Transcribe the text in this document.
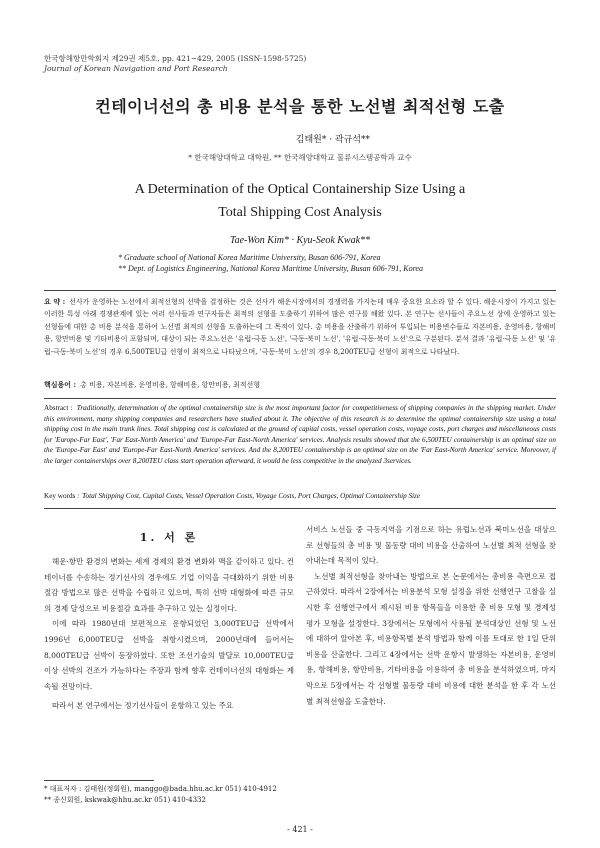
한국항해항만학회지 제29권 제5호, pp. 421~429, 2005 (ISSN-1598-5725)
Journal of Korean Navigation and Port Research
컨테이너선의 총 비용 분석을 통한 노선별 최적선형 도출
김태원* · 곽규석**
* 한국해양대학교 대학원, ** 한국해양대학교 물류시스템공학과 교수
A Determination of the Optical Containership Size Using a
Total Shipping Cost Analysis
Tae-Won Kim* · Kyu-Seok Kwak**
* Graduate school of National Korea Maritime University, Busan 606-791, Korea
** Dept. of Logistics Engineering, National Korea Maritime University, Busan 606-791, Korea
요 약 : 선사가 운영하는 노선에서 최적선형의 선박을 결정하는 것은 선사가 해운시장에서의 경쟁력을 가지는데 매우 중요한 요소라 할 수 있다. 해운시장이 가지고 있는 이러한 특성 아래 경쟁관계에 있는 여러 선사들과 연구자들은 최적의 선형을 도출하기 위하여 많은 연구를 해왔 있다. 본 연구는 선사들이 주요노선 상에 운영하고 있는 선형들에 대한 총 비용 분석을 통하여 노선별 최적의 선형을 도출하는데 그 목적이 있다. 총 비용을 산출하기 위하여 투입되는 비용변수들로 자본비용, 운영비용, 항해비용, 항만비용 및 기타비용이 포함되며, 대상이 되는 주요노선은 '유럽-극동 노선', '극동-북미 노선', '유럽-극동-북미 노선'으로 구분된다. 분석 결과 '유럽-극동 노선' 및 '유럽-극동-북미 노선'의 경우 6,500TEU급 선형이 최적으로 나타났으며, '극동-북미 노선'의 경우 8,200TEU급 선형이 최적으로 나타났다.
핵심용어 : 총 비용, 자본비용, 운영비용, 항해비용, 항만비용, 최적선형
Abstract : Traditionally, determination of the optimal containership size is the most important factor for competitiveness of shipping companies in the shipping market. Under this environment, many shipping companies and researchers have studied about it. The objective of this research is to determine the optimal containership size using a total shipping cost in the main trunk lines. Total shipping cost is calculated at the ground of capital costs, vessel operation costs, voyage costs, port charges and miscellaneous costs for 'Europe-Far East', 'Far East-North America' and 'Europe-Far East-North America' services. Analysis results showed that the 6,500TEU containership is an optimal size on the 'Europe-Far East' and 'Europe-Far East-North America' services. And the 8,200TEU containership is an optimal size on the 'Far East-North America' service. Moreover, if the larger containerships over 8,200TEU class start operation afterward, it would be less competitive in the analyzed 3services.
Key words : Total Shipping Cost, Capital Costs, Vessel Operation Costs, Voyage Costs, Port Charges, Optimal Containership Size
1. 서 론

해운·항만 환경의 변화는 세계 경제의 환경 변화와 맥을 같이하고 있다. 컨테이너를 수송하는 정기선사의 경우에도 기업 이익을 극대화하기 위한 비용 절감 방법으로 많은 선박을 수립하고 있으며, 특히 선박 대형화에 따른 규모의 경제 달성으로 비용절감 효과를 추구하고 있는 실정이다.

이에 따라 1980년대 보편적으로 운항되었던 3,000TEU급 선박에서 1996년 6,000TEU급 선박을 취항시켰으며, 2000년대에 들어서는 8,000TEU급 선박이 등장하였다. 또한 조선기술의 발달로 10,000TEU급 이상 선박의 건조가 가능하다는 주장과 함께 향후 컨테이너선의 대형화는 계속될 전망이다.

따라서 본 연구에서는 정기선사들이 운항하고 있는 주요

서비스 노선들 중 극동지역을 기점으로 하는 유럽노선과 북미노선을 대상으로 선형들의 총 비용 및 물동량 대비 비용을 산출하여 노선별 최적 선형을 찾아내는데 목적이 있다.

노선별 최적선형을 찾아내는 방법으로 본 논문에서는 총비용 측면으로 접근하였다. 따라서 2장에서는 비용분석 모형 설정을 위한 선행연구 고찰을 실시한 후 선행연구에서 제시된 비용 항목들을 이용한 총 비용 모형 및 경제성 평가 모형을 설정한다. 3장에서는 모형에서 사용될 분석대상인 선형 및 노선에 대하여 알아본 후, 비용항목별 분석 방법과 함께 이를 토대로 한 1일 단위 비용을 산출한다. 그리고 4장에서는 선박 운항시 발생하는 자본비용, 운영비용, 항해비용, 항만비용, 기타비용을 이용하여 총 비용을 분석하였으며, 마지막으로 5장에서는 각 선형별 물동량 대비 비용에 대한 분석을 한 후 각 노선별 최적선형을 도출한다.

* 대표저자 : 김태원(정회원), manggo@bada.hhu.ac.kr 051) 410-4912
** 종신회원, kskwak@hhu.ac.kr 051) 410-4332
- 421 -
